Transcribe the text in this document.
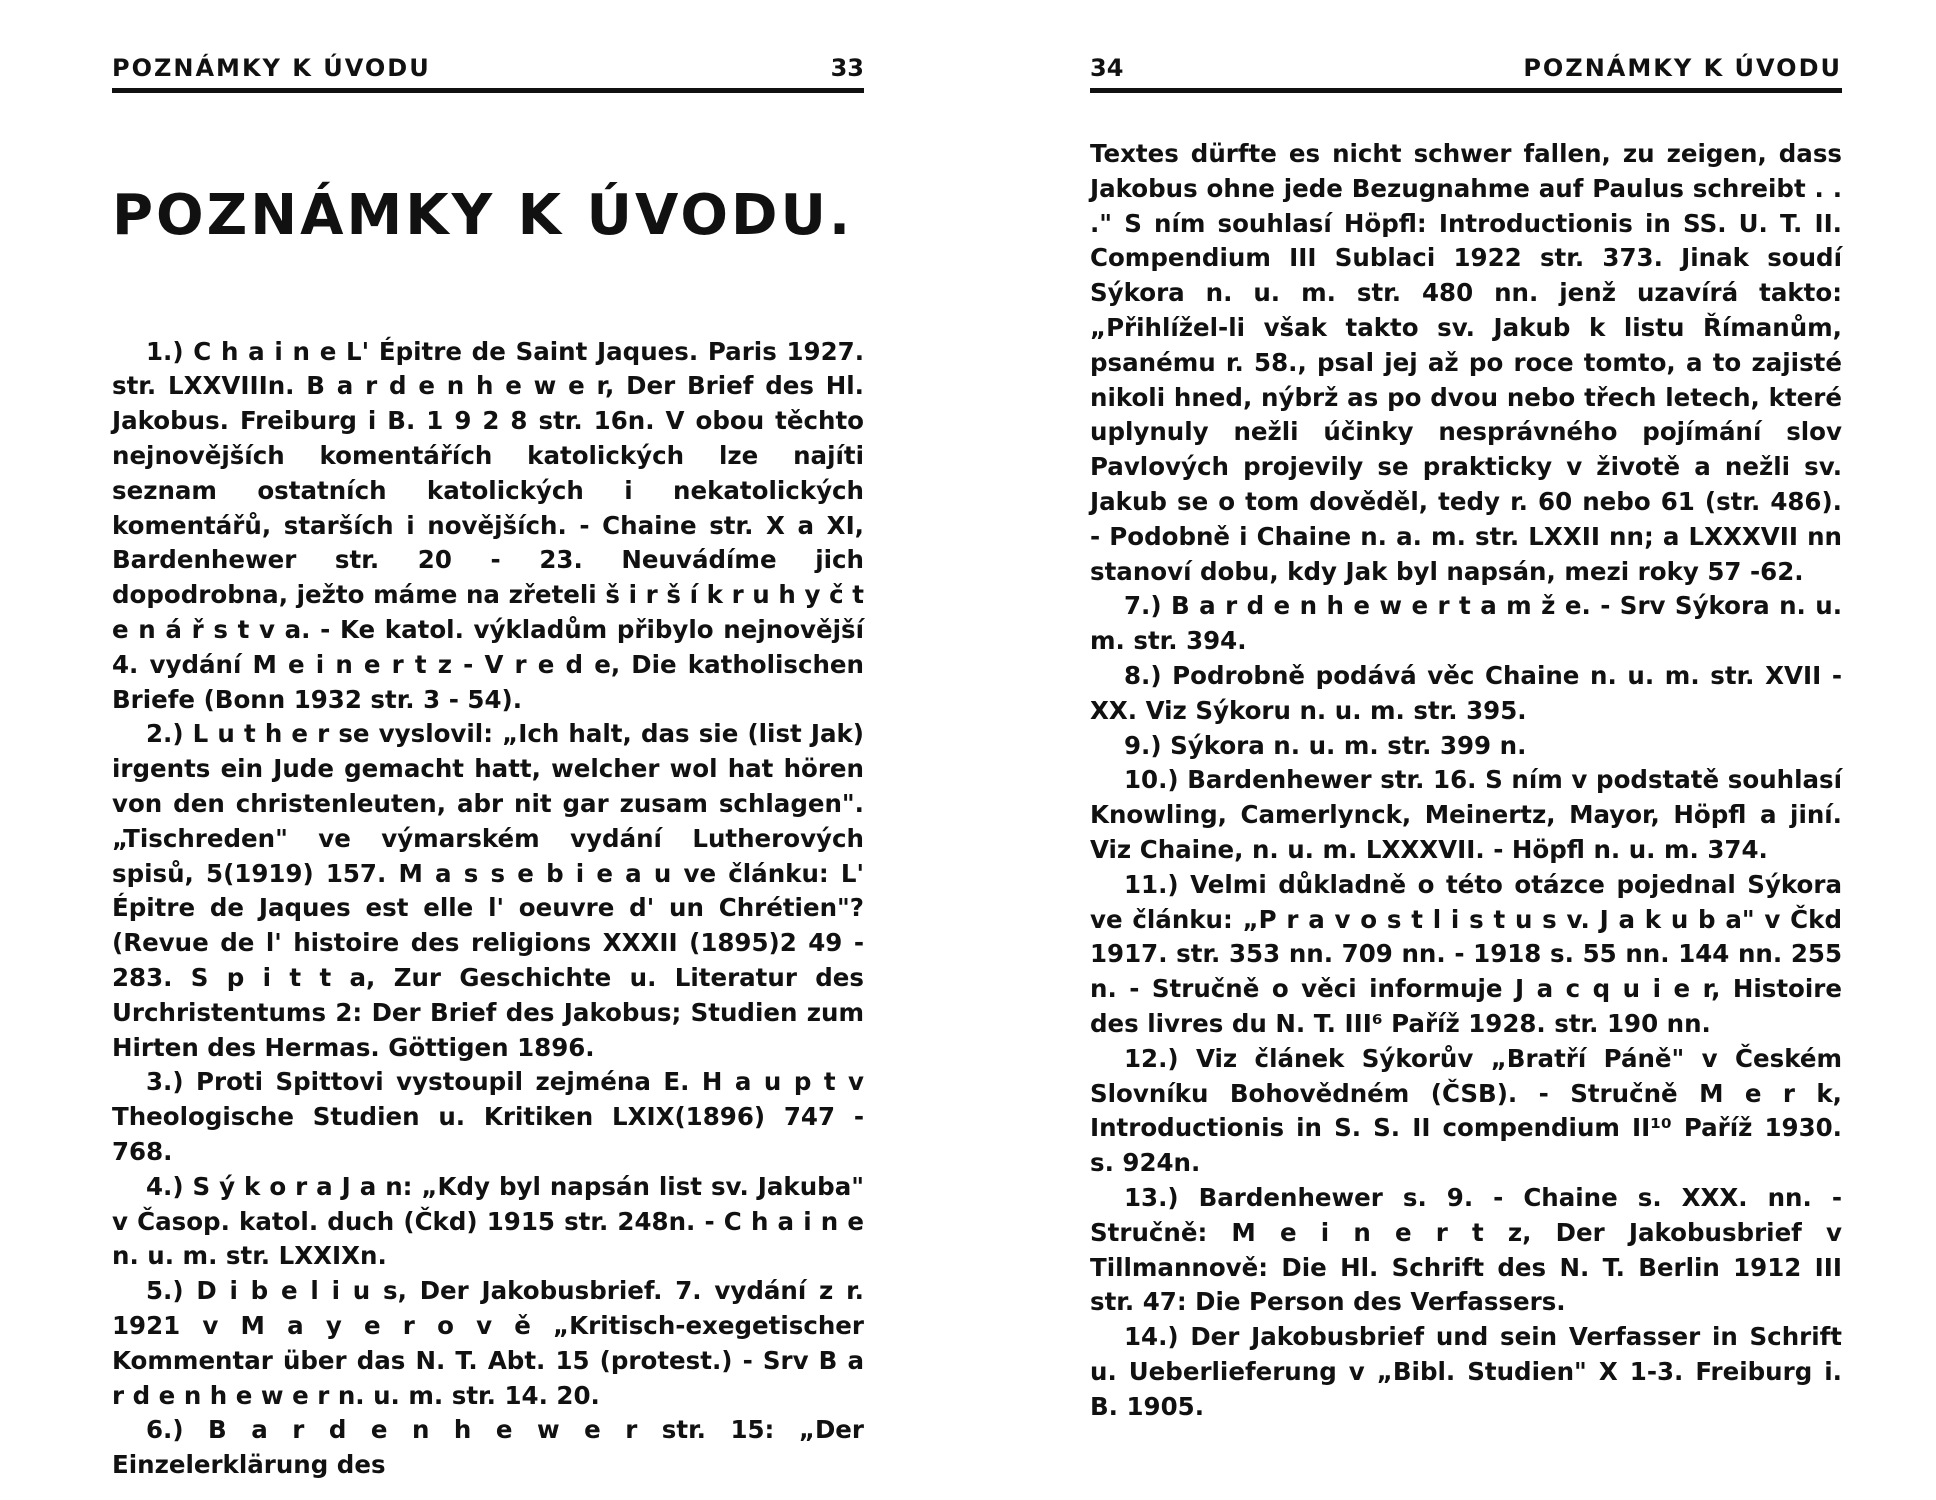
POZNÁMKY K ÚVODU	33
POZNÁMKY K ÚVODU.

1.) C h a i n e L' Épitre de Saint Jaques. Paris 1927. str. LXXVIIIn. B a r d e n h e w e r, Der Brief des Hl. Jakobus. Freiburg i B. 1 9 2 8 str. 16n. V obou těchto nejnovějších komentářích katolických lze najíti seznam ostatních katolických i nekatolických komentářů, starších i novějších. - Chaine str. X a XI, Bardenhewer str. 20 - 23. Neuvádíme jich dopodrobna, ježto máme na zřeteli š i r š í k r u h y č t e n á ř s t v a. - Ke katol. výkladům přibylo nejnovější 4. vydání M e i n e r t z - V r e d e, Die katholischen Briefe (Bonn 1932 str. 3 - 54).

2.) L u t h e r se vyslovil: „Ich halt, das sie (list Jak) irgents ein Jude gemacht hatt, welcher wol hat hören von den christenleuten, abr nit gar zusam schlagen". „Tischreden" ve výmarském vydání Lutherových spisů, 5(1919) 157. M a s s e b i e a u ve článku: L' Épitre de Jaques est elle l' oeuvre d' un Chrétien"? (Revue de l' histoire des religions XXXII (1895)2 49 - 283. S p i t t a, Zur Geschichte u. Literatur des Urchristentums 2: Der Brief des Jakobus; Studien zum Hirten des Hermas. Göttigen 1896.

3.) Proti Spittovi vystoupil zejména E. H a u p t v Theologische Studien u. Kritiken LXIX(1896) 747 - 768.

4.) S ý k o r a J a n: „Kdy byl napsán list sv. Jakuba" v Časop. katol. duch (Čkd) 1915 str. 248n. - C h a i n e n. u. m. str. LXXIXn.

5.) D i b e l i u s, Der Jakobusbrief. 7. vydání z r. 1921 v M a y e r o v ě „Kritisch-exegetischer Kommentar über das N. T. Abt. 15 (protest.) - Srv B a r d e n h e w e r n. u. m. str. 14. 20.

6.) B a r d e n h e w e r str. 15: „Der Einzelerklärung des

34	POZNÁMKY K ÚVODU

Textes dürfte es nicht schwer fallen, zu zeigen, dass Jakobus ohne jede Bezugnahme auf Paulus schreibt . . ." S ním souhlasí Höpfl: Introductionis in SS. U. T. II. Compendium III Sublaci 1922 str. 373. Jinak soudí Sýkora n. u. m. str. 480 nn. jenž uzavírá takto: „Přihlížel-li však takto sv. Jakub k listu Římanům, psanému r. 58., psal jej až po roce tomto, a to zajisté nikoli hned, nýbrž as po dvou nebo třech letech, které uplynuly nežli účinky nesprávného pojímání slov Pavlových projevily se prakticky v životě a nežli sv. Jakub se o tom dověděl, tedy r. 60 nebo 61 (str. 486). - Podobně i Chaine n. a. m. str. LXXII nn; a LXXXVII nn stanoví dobu, kdy Jak byl napsán, mezi roky 57 -62.

7.) B a r d e n h e w e r t a m ž e. - Srv Sýkora n. u. m. str. 394.

8.) Podrobně podává věc Chaine n. u. m. str. XVII - XX. Viz Sýkoru n. u. m. str. 395.

9.) Sýkora n. u. m. str. 399 n.

10.) Bardenhewer str. 16. S ním v podstatě souhlasí Knowling, Camerlynck, Meinertz, Mayor, Höpfl a jiní. Viz Chaine, n. u. m. LXXXVII. - Höpfl n. u. m. 374.

11.) Velmi důkladně o této otázce pojednal Sýkora ve článku: „P r a v o s t l i s t u s v. J a k u b a" v Čkd 1917. str. 353 nn. 709 nn. - 1918 s. 55 nn. 144 nn. 255 n. - Stručně o věci informuje J a c q u i e r, Histoire des livres du N. T. III⁶ Paříž 1928. str. 190 nn.

12.) Viz článek Sýkorův „Bratří Páně" v Českém Slovníku Bohovědném (ČSB). - Stručně M e r k, Introductionis in S. S. II compendium II¹⁰ Paříž 1930. s. 924n.

13.) Bardenhewer s. 9. - Chaine s. XXX. nn. - Stručně: M e i n e r t z, Der Jakobusbrief v Tillmannově: Die Hl. Schrift des N. T. Berlin 1912 III str. 47: Die Person des Verfassers.

14.) Der Jakobusbrief und sein Verfasser in Schrift u. Ueberlieferung v „Bibl. Studien" X 1-3. Freiburg i. B. 1905.
